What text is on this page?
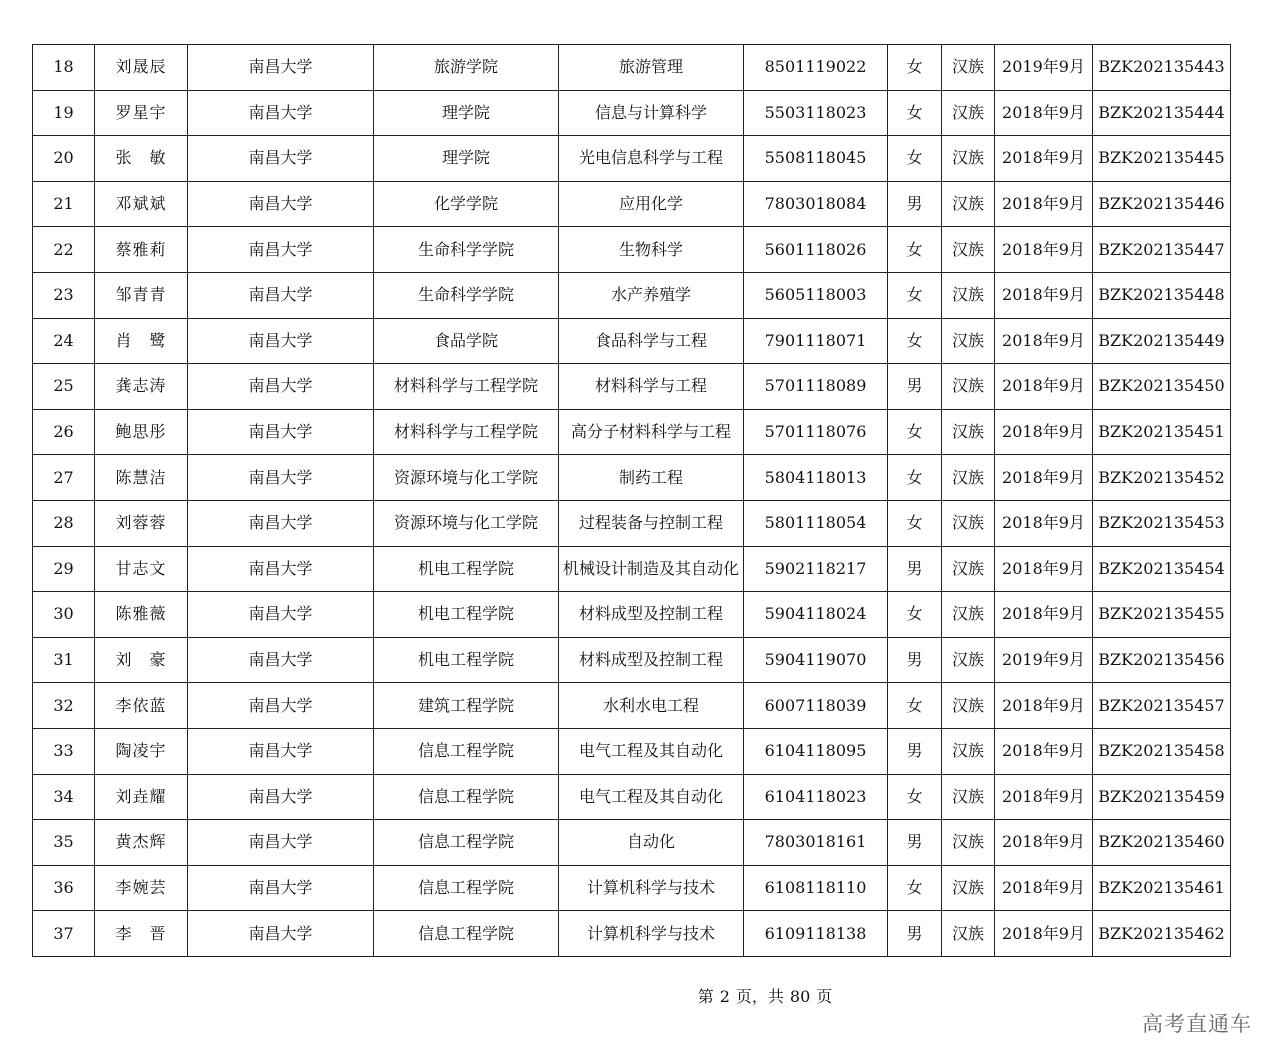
18	刘晟辰	南昌大学	旅游学院	旅游管理	8501119022	女	汉族	2019年9月	BZK202135443
19	罗星宇	南昌大学	理学院	信息与计算科学	5503118023	女	汉族	2018年9月	BZK202135444
20	张　敏	南昌大学	理学院	光电信息科学与工程	5508118045	女	汉族	2018年9月	BZK202135445
21	邓斌斌	南昌大学	化学学院	应用化学	7803018084	男	汉族	2018年9月	BZK202135446
22	蔡雅莉	南昌大学	生命科学学院	生物科学	5601118026	女	汉族	2018年9月	BZK202135447
23	邹青青	南昌大学	生命科学学院	水产养殖学	5605118003	女	汉族	2018年9月	BZK202135448
24	肖　鹭	南昌大学	食品学院	食品科学与工程	7901118071	女	汉族	2018年9月	BZK202135449
25	龚志涛	南昌大学	材料科学与工程学院	材料科学与工程	5701118089	男	汉族	2018年9月	BZK202135450
26	鲍思彤	南昌大学	材料科学与工程学院	高分子材料科学与工程	5701118076	女	汉族	2018年9月	BZK202135451
27	陈慧洁	南昌大学	资源环境与化工学院	制药工程	5804118013	女	汉族	2018年9月	BZK202135452
28	刘蓉蓉	南昌大学	资源环境与化工学院	过程装备与控制工程	5801118054	女	汉族	2018年9月	BZK202135453
29	甘志文	南昌大学	机电工程学院	机械设计制造及其自动化	5902118217	男	汉族	2018年9月	BZK202135454
30	陈雅薇	南昌大学	机电工程学院	材料成型及控制工程	5904118024	女	汉族	2018年9月	BZK202135455
31	刘　豪	南昌大学	机电工程学院	材料成型及控制工程	5904119070	男	汉族	2019年9月	BZK202135456
32	李依蓝	南昌大学	建筑工程学院	水利水电工程	6007118039	女	汉族	2018年9月	BZK202135457
33	陶凌宇	南昌大学	信息工程学院	电气工程及其自动化	6104118095	男	汉族	2018年9月	BZK202135458
34	刘垚耀	南昌大学	信息工程学院	电气工程及其自动化	6104118023	女	汉族	2018年9月	BZK202135459
35	黄杰辉	南昌大学	信息工程学院	自动化	7803018161	男	汉族	2018年9月	BZK202135460
36	李婉芸	南昌大学	信息工程学院	计算机科学与技术	6108118110	女	汉族	2018年9月	BZK202135461
37	李　晋	南昌大学	信息工程学院	计算机科学与技术	6109118138	男	汉族	2018年9月	BZK202135462
第 2 页，共 80 页
高考直通车
